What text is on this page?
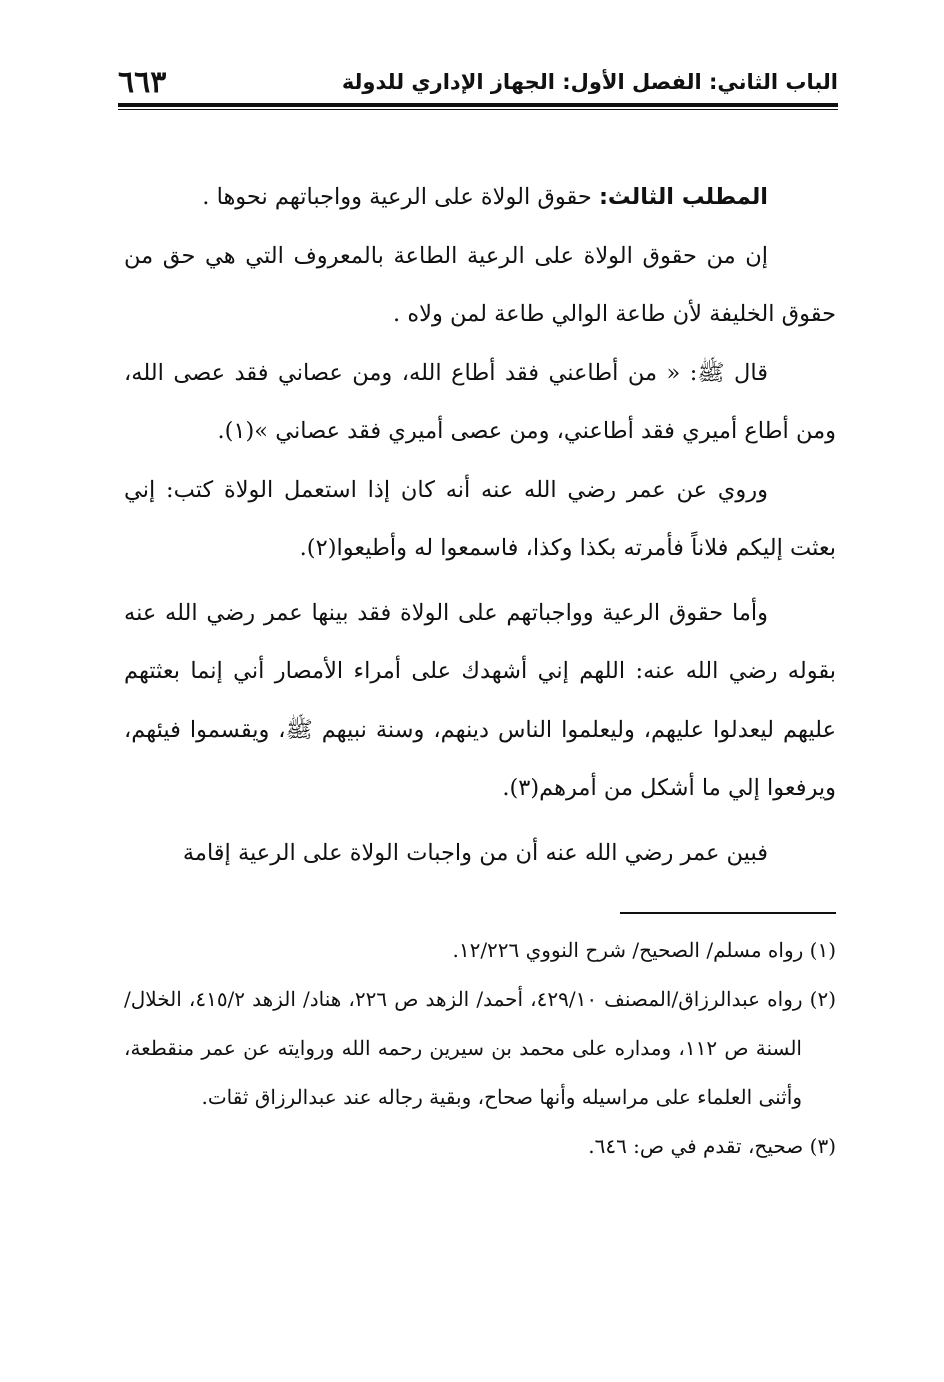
الباب الثاني: الفصل الأول: الجهاز الإداري للدولة
٦٦٣

المطلب الثالث: حقوق الولاة على الرعية وواجباتهم نحوها .

إن من حقوق الولاة على الرعية الطاعة بالمعروف التي هي حق من حقوق الخليفة لأن طاعة الوالي طاعة لمن ولاه .

قال ﷺ: « من أطاعني فقد أطاع الله، ومن عصاني فقد عصى الله، ومن أطاع أميري فقد أطاعني، ومن عصى أميري فقد عصاني »(١).

وروي عن عمر رضي الله عنه أنه كان إذا استعمل الولاة كتب: إني بعثت إليكم فلاناً فأمرته بكذا وكذا، فاسمعوا له وأطيعوا(٢).

وأما حقوق الرعية وواجباتهم على الولاة فقد بينها عمر رضي الله عنه بقوله رضي الله عنه: اللهم إني أشهدك على أمراء الأمصار أني إنما بعثتهم عليهم ليعدلوا عليهم، وليعلموا الناس دينهم، وسنة نبيهم ﷺ، ويقسموا فيئهم، ويرفعوا إلي ما أشكل من أمرهم(٣).

فبين عمر رضي الله عنه أن من واجبات الولاة على الرعية إقامة

(١) رواه مسلم/ الصحيح/ شرح النووي ١٢/٢٢٦.

(٢) رواه عبدالرزاق/المصنف ٤٢٩/١٠، أحمد/ الزهد ص ٢٢٦، هناد/ الزهد ٤١٥/٢، الخلال/ السنة ص ١١٢، ومداره على محمد بن سيرين رحمه الله وروايته عن عمر منقطعة، وأثنى العلماء على مراسيله وأنها صحاح، وبقية رجاله عند عبدالرزاق ثقات.

(٣) صحيح، تقدم في ص: ٦٤٦.
